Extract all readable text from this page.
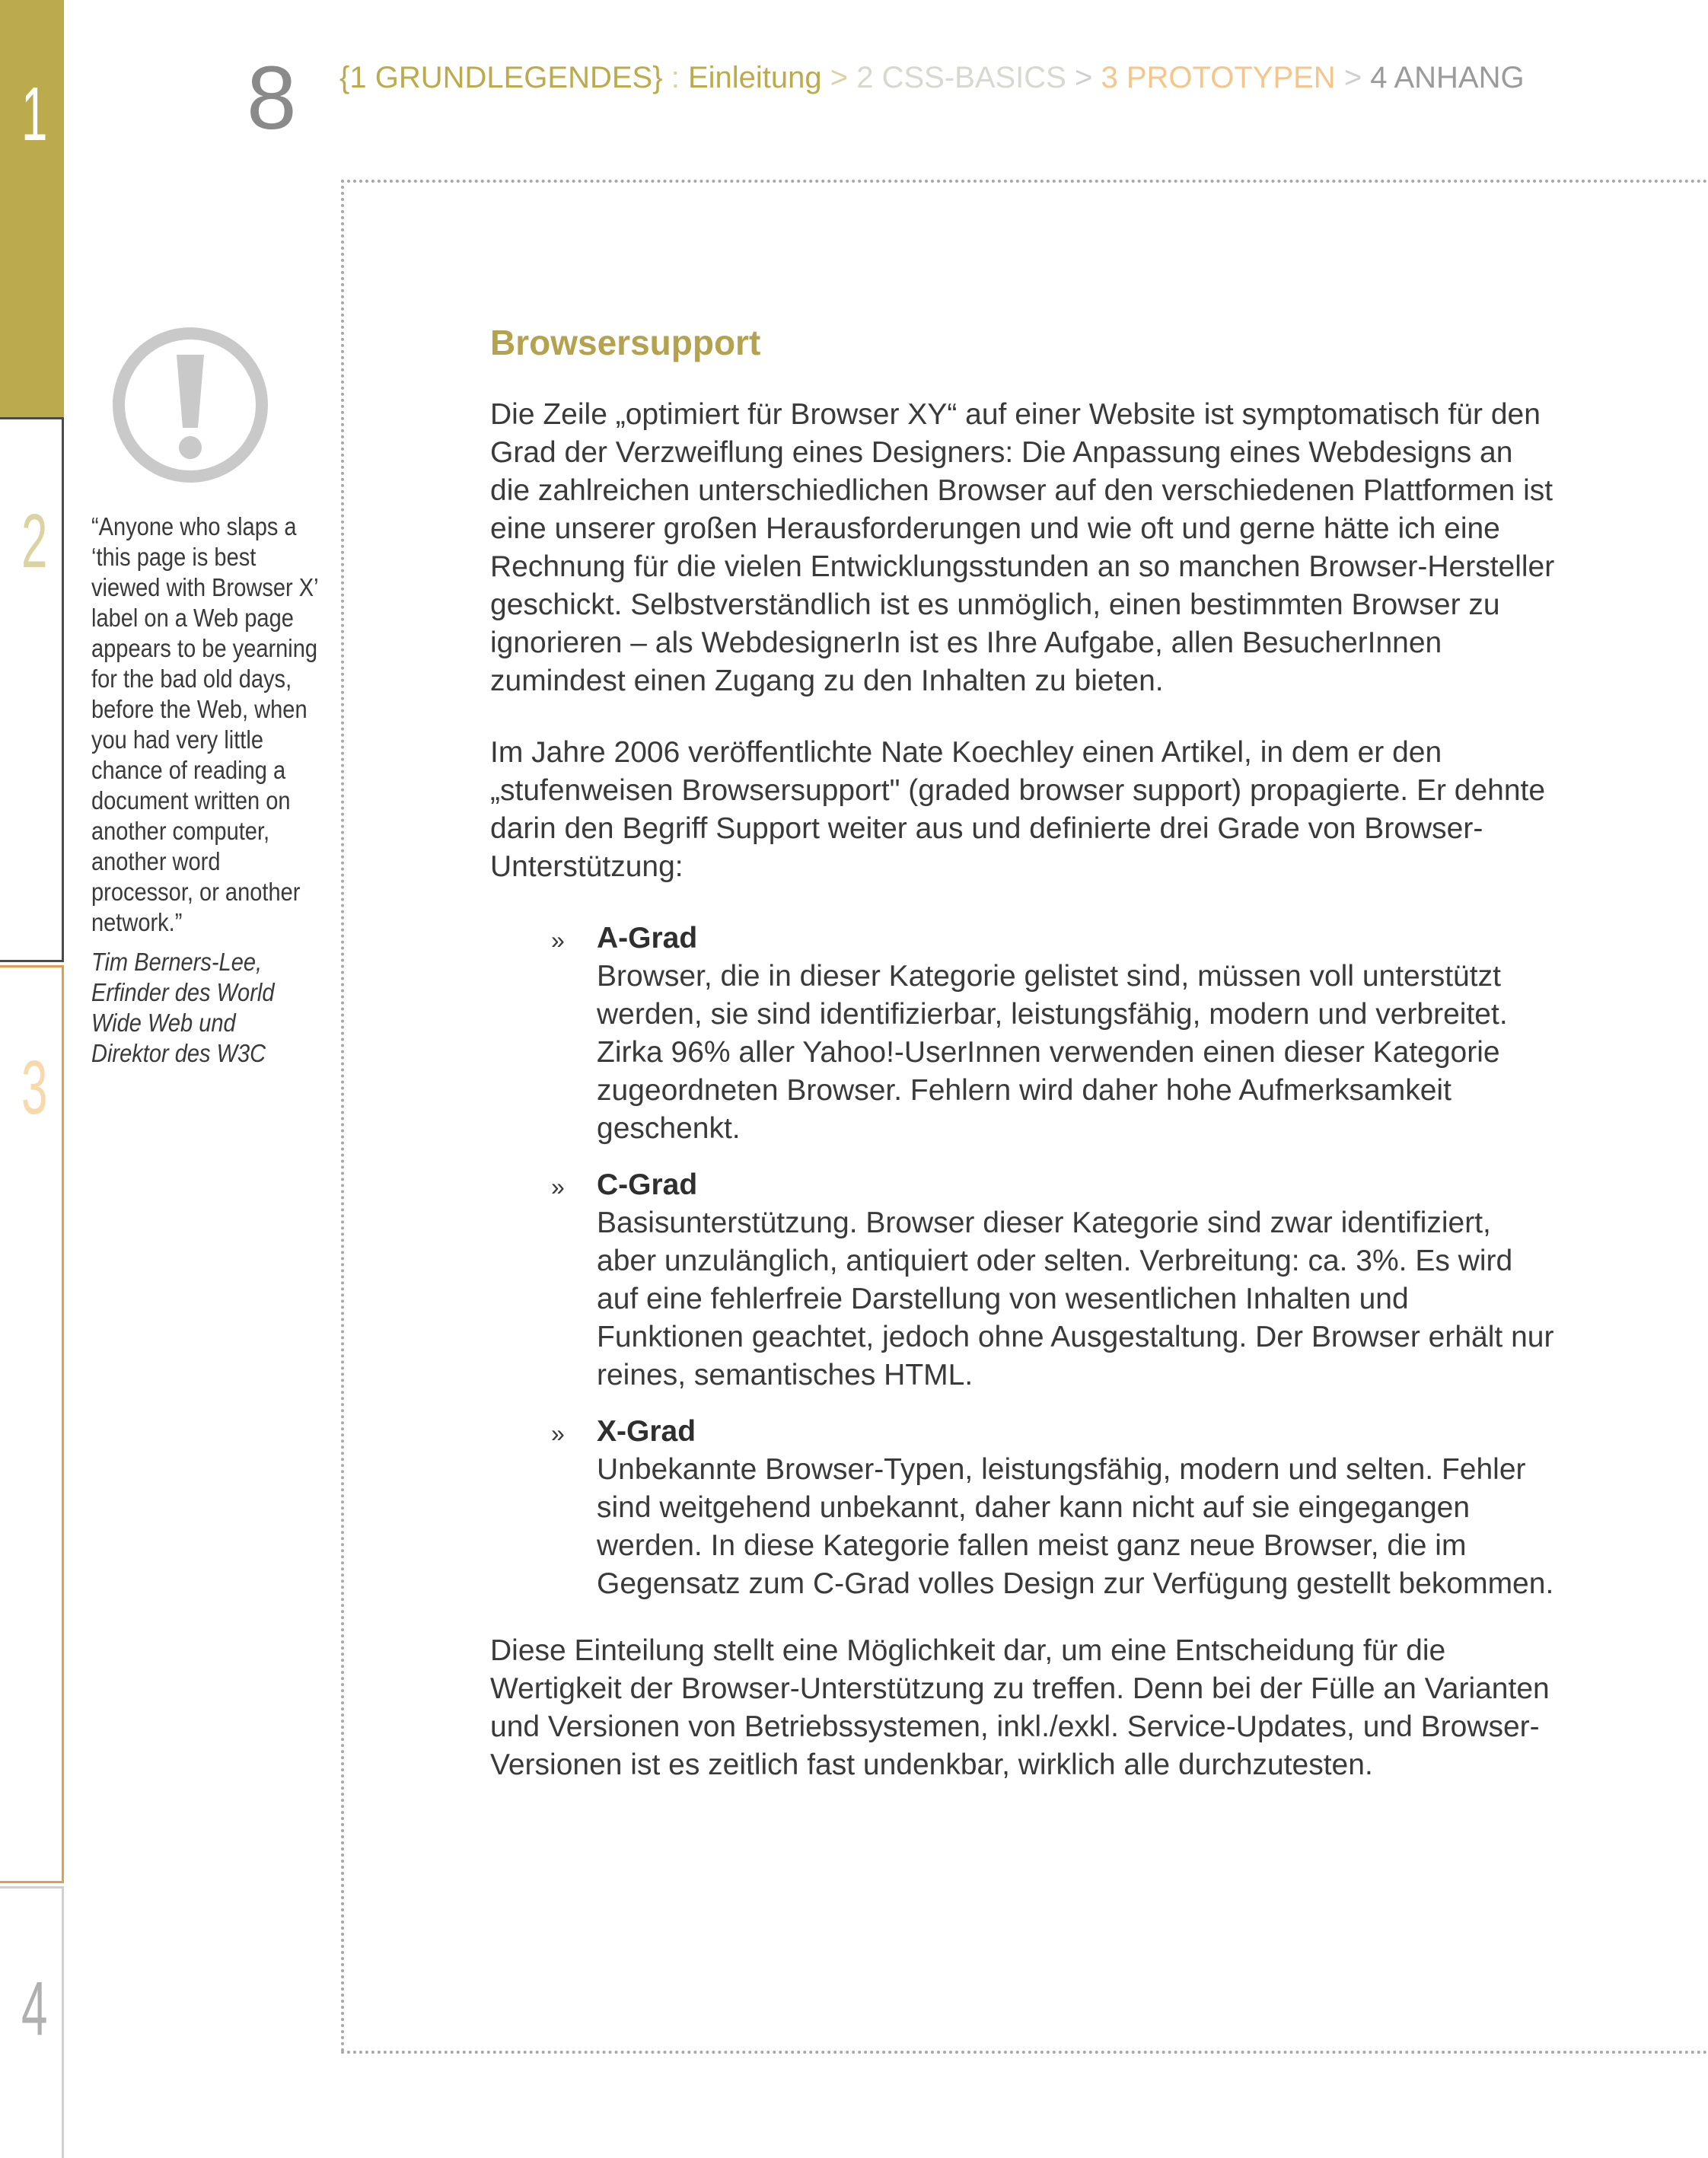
1
2
3
4
8 {1 GRUNDLEGENDES} : Einleitung > 2 CSS-BASICS > 3 PROTOTYPEN > 4 ANHANG
“Anyone who slaps a ‘this page is best viewed with Browser X’ label on a Web page appears to be yearning for the bad old days, before the Web, when you had very little chance of reading a document written on another computer, another word processor, or another network.”
Tim Berners-Lee, Erfinder des World Wide Web und Direktor des W3C
Browsersupport

Die Zeile „optimiert für Browser XY“ auf einer Website ist symptomatisch für den Grad der Verzweiflung eines Designers: Die Anpassung eines Webdesigns an die zahlreichen unterschiedlichen Browser auf den verschiedenen Plattformen ist eine unserer großen Herausforderungen und wie oft und gerne hätte ich eine Rechnung für die vielen Entwicklungsstunden an so manchen Browser-Hersteller geschickt. Selbstverständlich ist es unmöglich, einen bestimmten Browser zu ignorieren – als WebdesignerIn ist es Ihre Aufgabe, allen BesucherInnen zumindest einen Zugang zu den Inhalten zu bieten.

Im Jahre 2006 veröffentlichte Nate Koechley einen Artikel, in dem er den „stufenweisen Browsersupport" (graded browser support) propagierte. Er dehnte darin den Begriff Support weiter aus und definierte drei Grade von Browser-Unterstützung:

» A-Grad
Browser, die in dieser Kategorie gelistet sind, müssen voll unterstützt werden, sie sind identifizierbar, leistungsfähig, modern und verbreitet. Zirka 96% aller Yahoo!-UserInnen verwenden einen dieser Kategorie zugeordneten Browser. Fehlern wird daher hohe Aufmerksamkeit geschenkt.
» C-Grad
Basisunterstützung. Browser dieser Kategorie sind zwar identifiziert, aber unzulänglich, antiquiert oder selten. Verbreitung: ca. 3%. Es wird auf eine fehlerfreie Darstellung von wesentlichen Inhalten und Funktionen geachtet, jedoch ohne Ausgestaltung. Der Browser erhält nur reines, semantisches HTML.
» X-Grad
Unbekannte Browser-Typen, leistungsfähig, modern und selten. Fehler sind weitgehend unbekannt, daher kann nicht auf sie eingegangen werden. In diese Kategorie fallen meist ganz neue Browser, die im Gegensatz zum C-Grad volles Design zur Verfügung gestellt bekommen.

Diese Einteilung stellt eine Möglichkeit dar, um eine Entscheidung für die Wertigkeit der Browser-Unterstützung zu treffen. Denn bei der Fülle an Varianten und Versionen von Betriebssystemen, inkl./exkl. Service-Updates, und Browser-Versionen ist es zeitlich fast undenkbar, wirklich alle durchzutesten.
